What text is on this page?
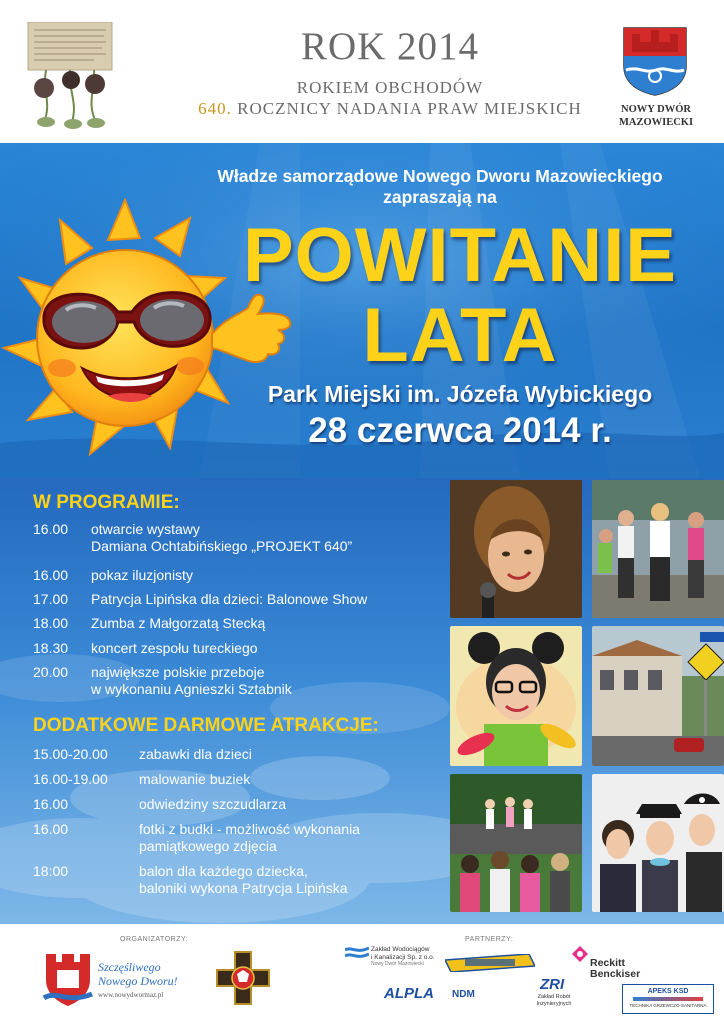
ROK 2014
ROKIEM OBCHODÓW
640. ROCZNICY NADANIA PRAW MIEJSKICH	NOWY DWÓR
MAZOWIECKI
Władze samorządowe Nowego Dworu Mazowieckiego
zapraszają na
POWITANIE
LATA
Park Miejski im. Józefa Wybickiego
28 czerwca 2014 r.
W PROGRAMIE:
16.00 otwarcie wystawy
Damiana Ochtabińskiego „PROJEKT 640”
16.00 pokaz iluzjonisty
17.00 Patrycja Lipińska dla dzieci: Balonowe Show
18.00 Zumba z Małgorzatą Stecką
18.30 koncert zespołu tureckiego
20.00 największe polskie przeboje
w wykonaniu Agnieszki Sztabnik
DODATKOWE DARMOWE ATRAKCJE:
15.00-20.00 zabawki dla dzieci
16.00-19.00 malowanie buziek
16.00	odwiedziny szczudlarza
16.00	fotki z budki - możliwość wykonania
pamiątkowego zdjęcia
18:00	balon dla każdego dziecka,
baloniki wykona Patrycja Lipińska
ORGANIZATORZY:	PARTNERZY:
Szczęśliwego
Nowego Dworu!
www.nowydwormaz.pl
Zakład Wodociągów
i Kanalizacji Sp. z o.o.
Nowy Dwór Mazowiecki
ALPLA NDM
ZRI
Zakład Robót
Inżynieryjnych
Reckitt
Benckiser
APEKS KSD
TECHNIKA GRZEWCZO-SANITARNA
